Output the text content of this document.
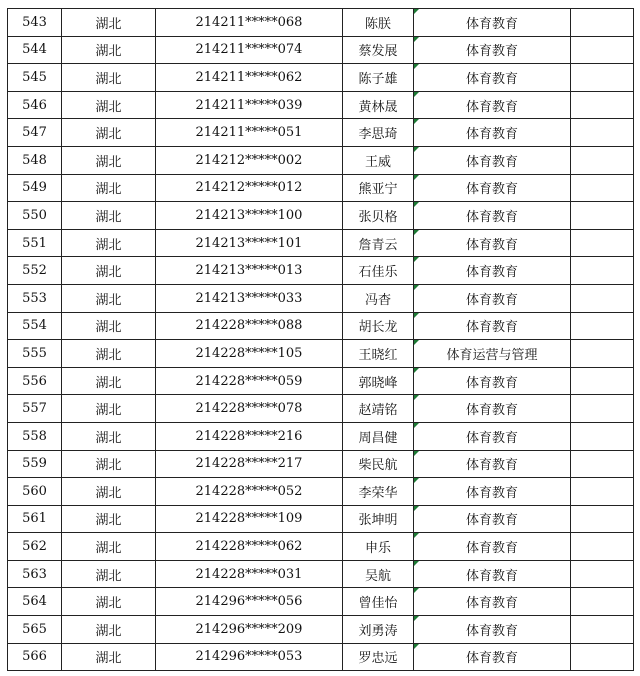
543	湖北	214211*****068	陈朕	体育教育	
544	湖北	214211*****074	蔡发展	体育教育	
545	湖北	214211*****062	陈子雄	体育教育	
546	湖北	214211*****039	黄林晟	体育教育	
547	湖北	214211*****051	李思琦	体育教育	
548	湖北	214212*****002	王威	体育教育	
549	湖北	214212*****012	熊亚宁	体育教育	
550	湖北	214213*****100	张贝格	体育教育	
551	湖北	214213*****101	詹青云	体育教育	
552	湖北	214213*****013	石佳乐	体育教育	
553	湖北	214213*****033	冯杳	体育教育	
554	湖北	214228*****088	胡长龙	体育教育	
555	湖北	214228*****105	王晓红	体育运营与管理	
556	湖北	214228*****059	郭晓峰	体育教育	
557	湖北	214228*****078	赵靖铭	体育教育	
558	湖北	214228*****216	周昌健	体育教育	
559	湖北	214228*****217	柴民航	体育教育	
560	湖北	214228*****052	李荣华	体育教育	
561	湖北	214228*****109	张坤明	体育教育	
562	湖北	214228*****062	申乐	体育教育	
563	湖北	214228*****031	吴航	体育教育	
564	湖北	214296*****056	曾佳怡	体育教育	
565	湖北	214296*****209	刘勇涛	体育教育	
566	湖北	214296*****053	罗忠远	体育教育	
